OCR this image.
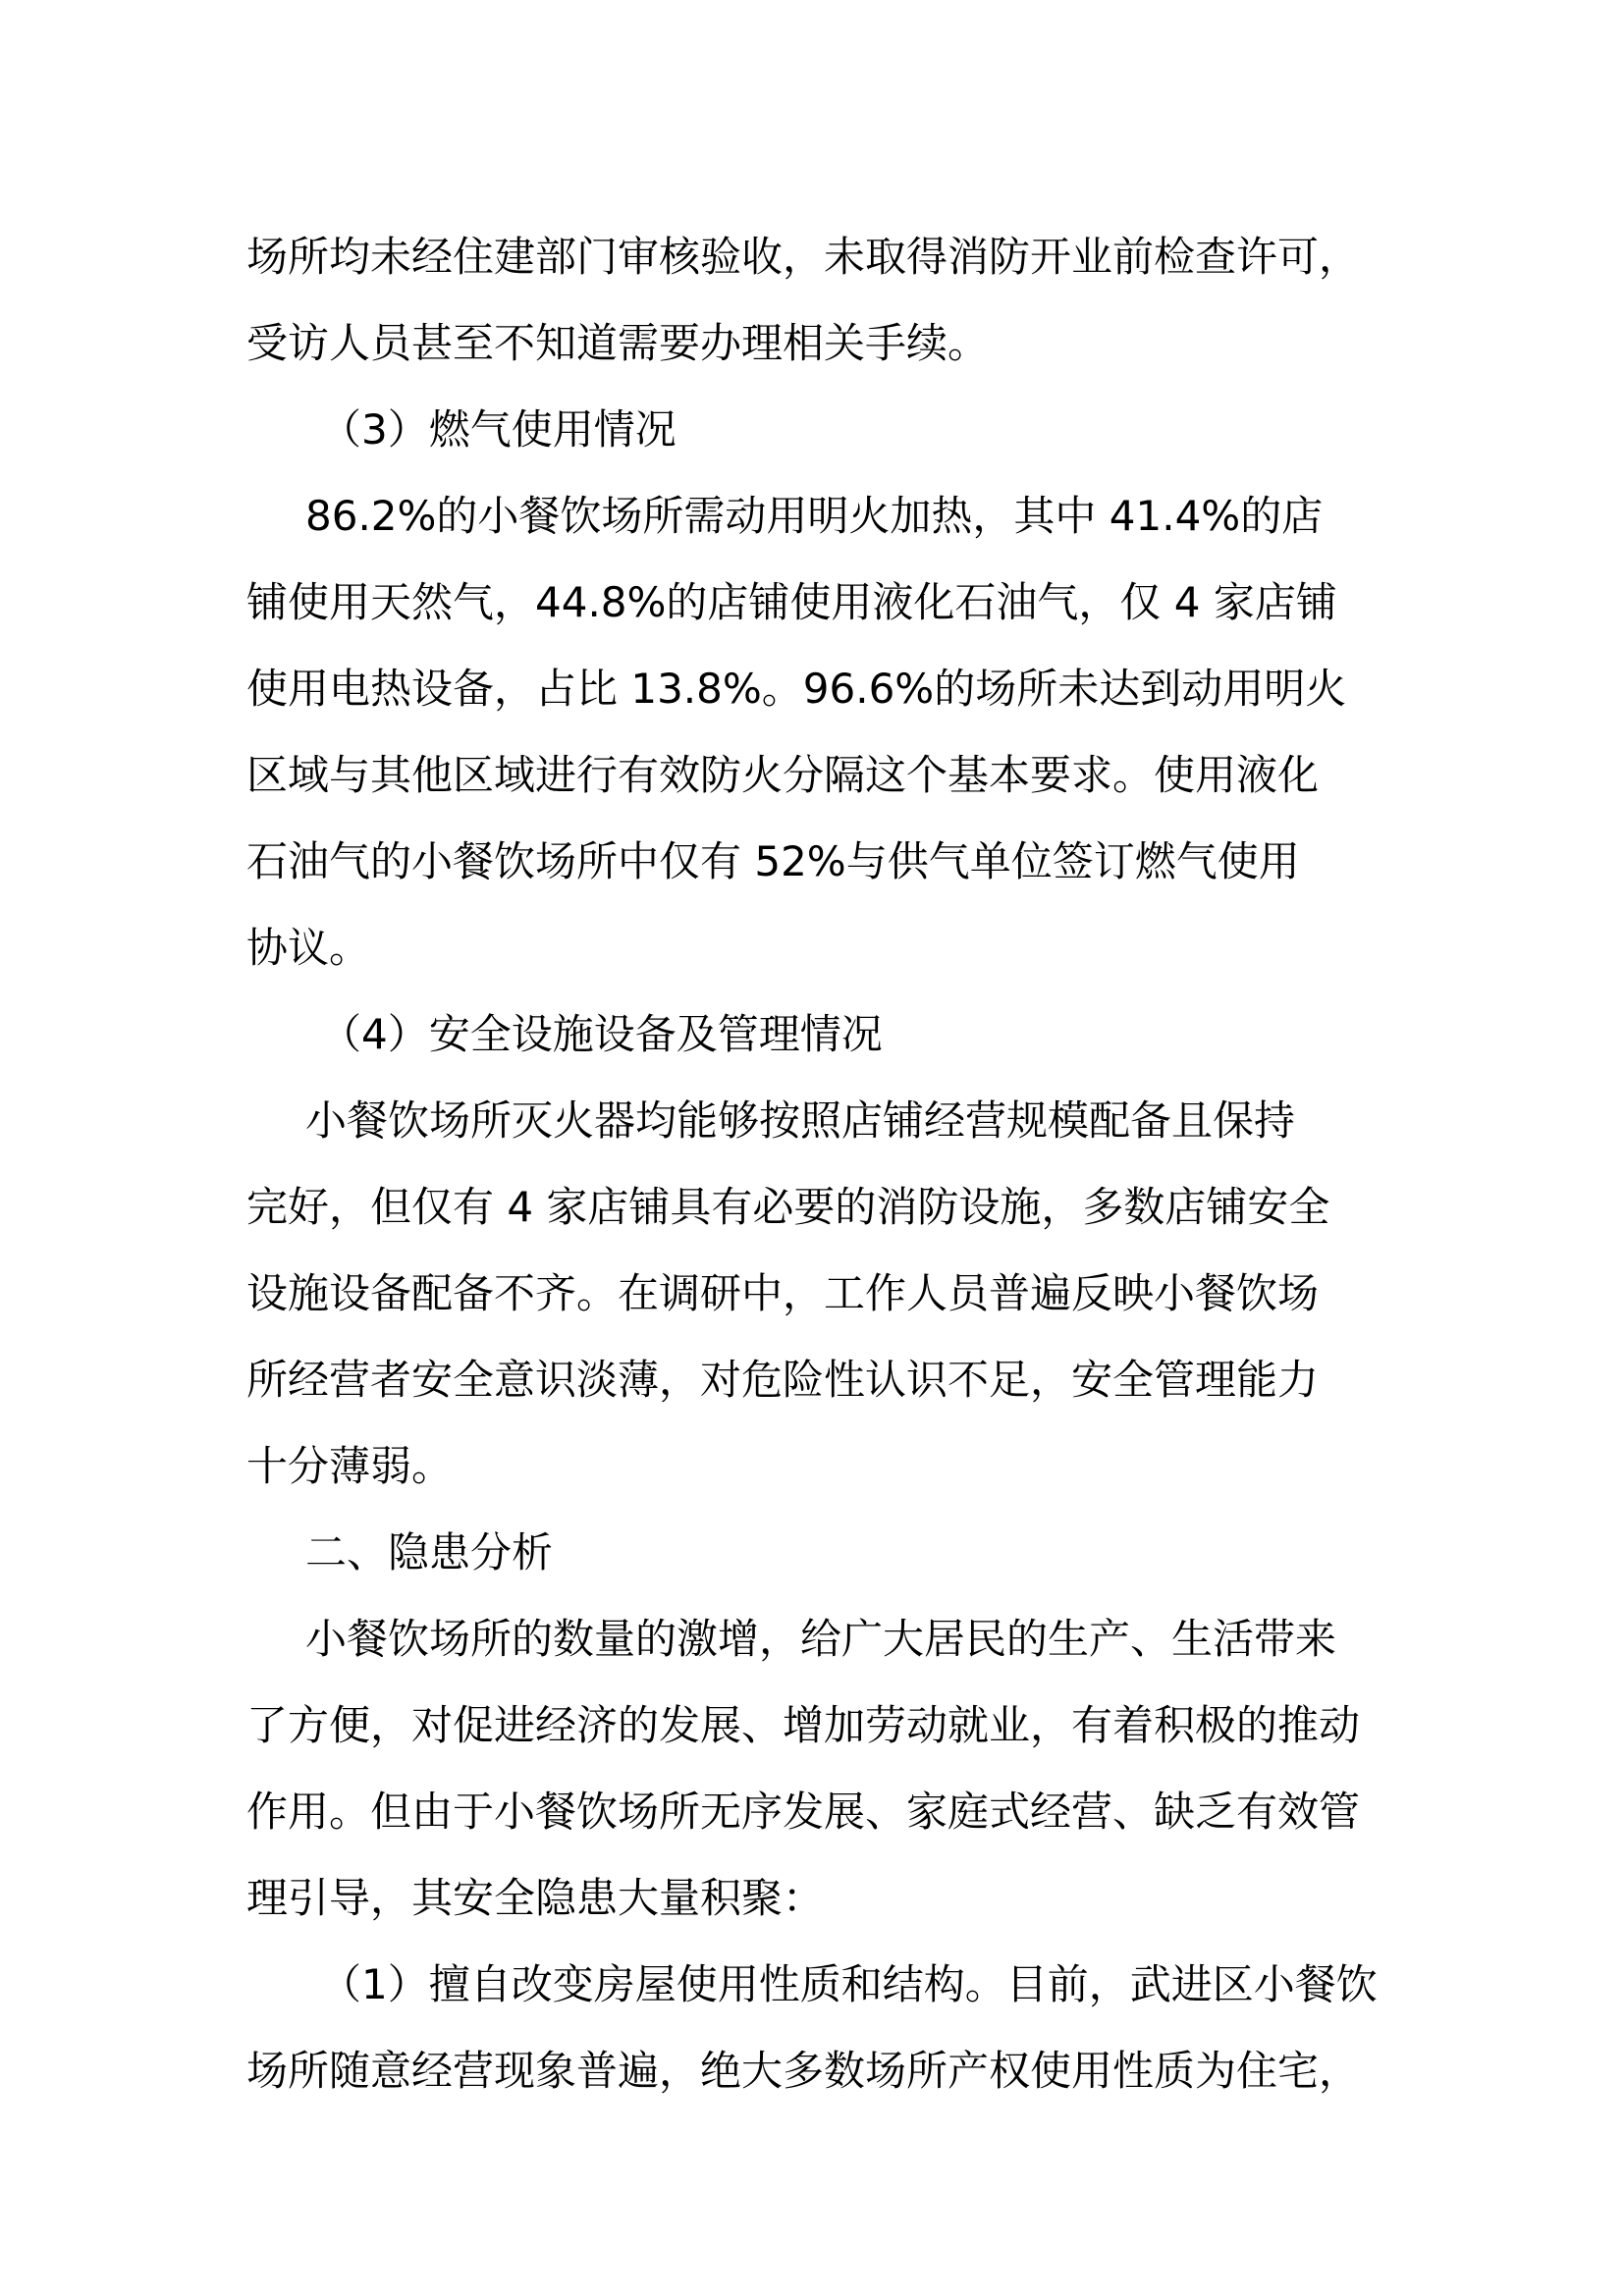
场所均未经住建部门审核验收，未取得消防开业前检查许可，
受访人员甚至不知道需要办理相关手续。
（3）燃气使用情况
86.2%的小餐饮场所需动用明火加热，其中 41.4%的店
铺使用天然气，44.8%的店铺使用液化石油气，仅 4 家店铺
使用电热设备，占比 13.8%。96.6%的场所未达到动用明火
区域与其他区域进行有效防火分隔这个基本要求。使用液化
石油气的小餐饮场所中仅有 52%与供气单位签订燃气使用
协议。
（4）安全设施设备及管理情况
小餐饮场所灭火器均能够按照店铺经营规模配备且保持
完好，但仅有 4 家店铺具有必要的消防设施，多数店铺安全
设施设备配备不齐。在调研中，工作人员普遍反映小餐饮场
所经营者安全意识淡薄，对危险性认识不足，安全管理能力
十分薄弱。
二、隐患分析
小餐饮场所的数量的激增，给广大居民的生产、生活带来
了方便，对促进经济的发展、增加劳动就业，有着积极的推动
作用。但由于小餐饮场所无序发展、家庭式经营、缺乏有效管
理引导，其安全隐患大量积聚：
（1）擅自改变房屋使用性质和结构。目前，武进区小餐饮
场所随意经营现象普遍，绝大多数场所产权使用性质为住宅，
